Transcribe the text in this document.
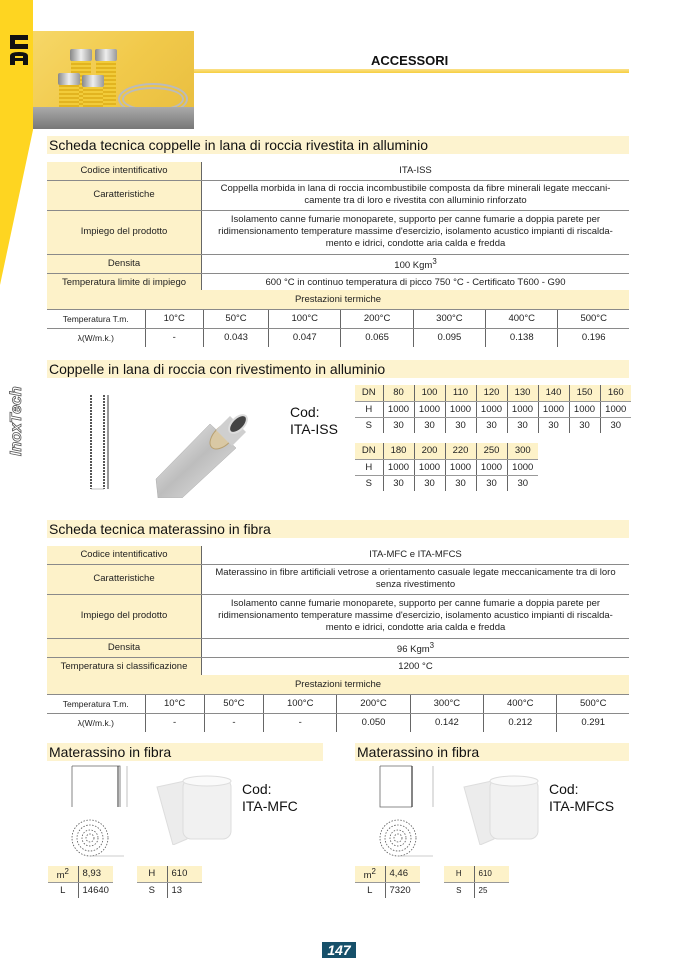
InoxTech
ACCESSORI
Scheda tecnica coppelle in lana di roccia rivestita in alluminio
Codice intentificativo	ITA-ISS
Caratteristiche	Coppella morbida in lana di roccia incombustibile composta da fibre minerali legate meccani-camente tra di loro e rivestita con alluminio rinforzato
Impiego del prodotto	Isolamento canne fumarie monoparete, supporto per canne fumarie a doppia parete per ridimensionamento temperature massime d'esercizio, isolamento acustico impianti di riscalda-mento e idrici, condotte aria calda e fredda
Densita	100 Kgm$^3$
Temperatura limite di impiego	600 °C in continuo temperatura di picco 750 °C - Certificato T600 - G90
Prestazioni termiche							
Temperatura T.m.	10°C	50°C	100°C	200°C	300°C	400°C	500°C
λ(W/m.k.)	-	0.043	0.047	0.065	0.095	0.138	0.196
Coppelle in lana di roccia con rivestimento in alluminio
Cod:
ITA-ISS
DN	80	100	110	120	130	140	150	160
H	1000	1000	1000	1000	1000	1000	1000	1000
S	30	30	30	30	30	30	30	30
DN	180	200	220	250	300
H	1000	1000	1000	1000	1000
S	30	30	30	30	30
Scheda tecnica materassino in fibra
Codice intentificativo	ITA-MFC e ITA-MFCS
Caratteristiche	Materassino in fibre artificiali vetrose a orientamento casuale legate meccanicamente tra di loro senza rivestimento
Impiego del prodotto	Isolamento canne fumarie monoparete, supporto per canne fumarie a doppia parete per ridimensionamento temperature massime d'esercizio, isolamento acustico impianti di riscalda-mento e idrici, condotte aria calda e fredda
Densita	96 Kgm$^3$
Temperatura si classificazione	1200 °C
Prestazioni termiche							
Temperatura T.m.	10°C	50°C	100°C	200°C	300°C	400°C	500°C
λ(W/m.k.)	-	-	-	0.050	0.142	0.212	0.291
Materassino in fibra
Cod:
ITA-MFC
$m^2$	8,93		H	610
L	14640		S	13
Materassino in fibra
Cod:
ITA-MFCS
$m^2$	4,46		H	610
L	7320		S	25
147
